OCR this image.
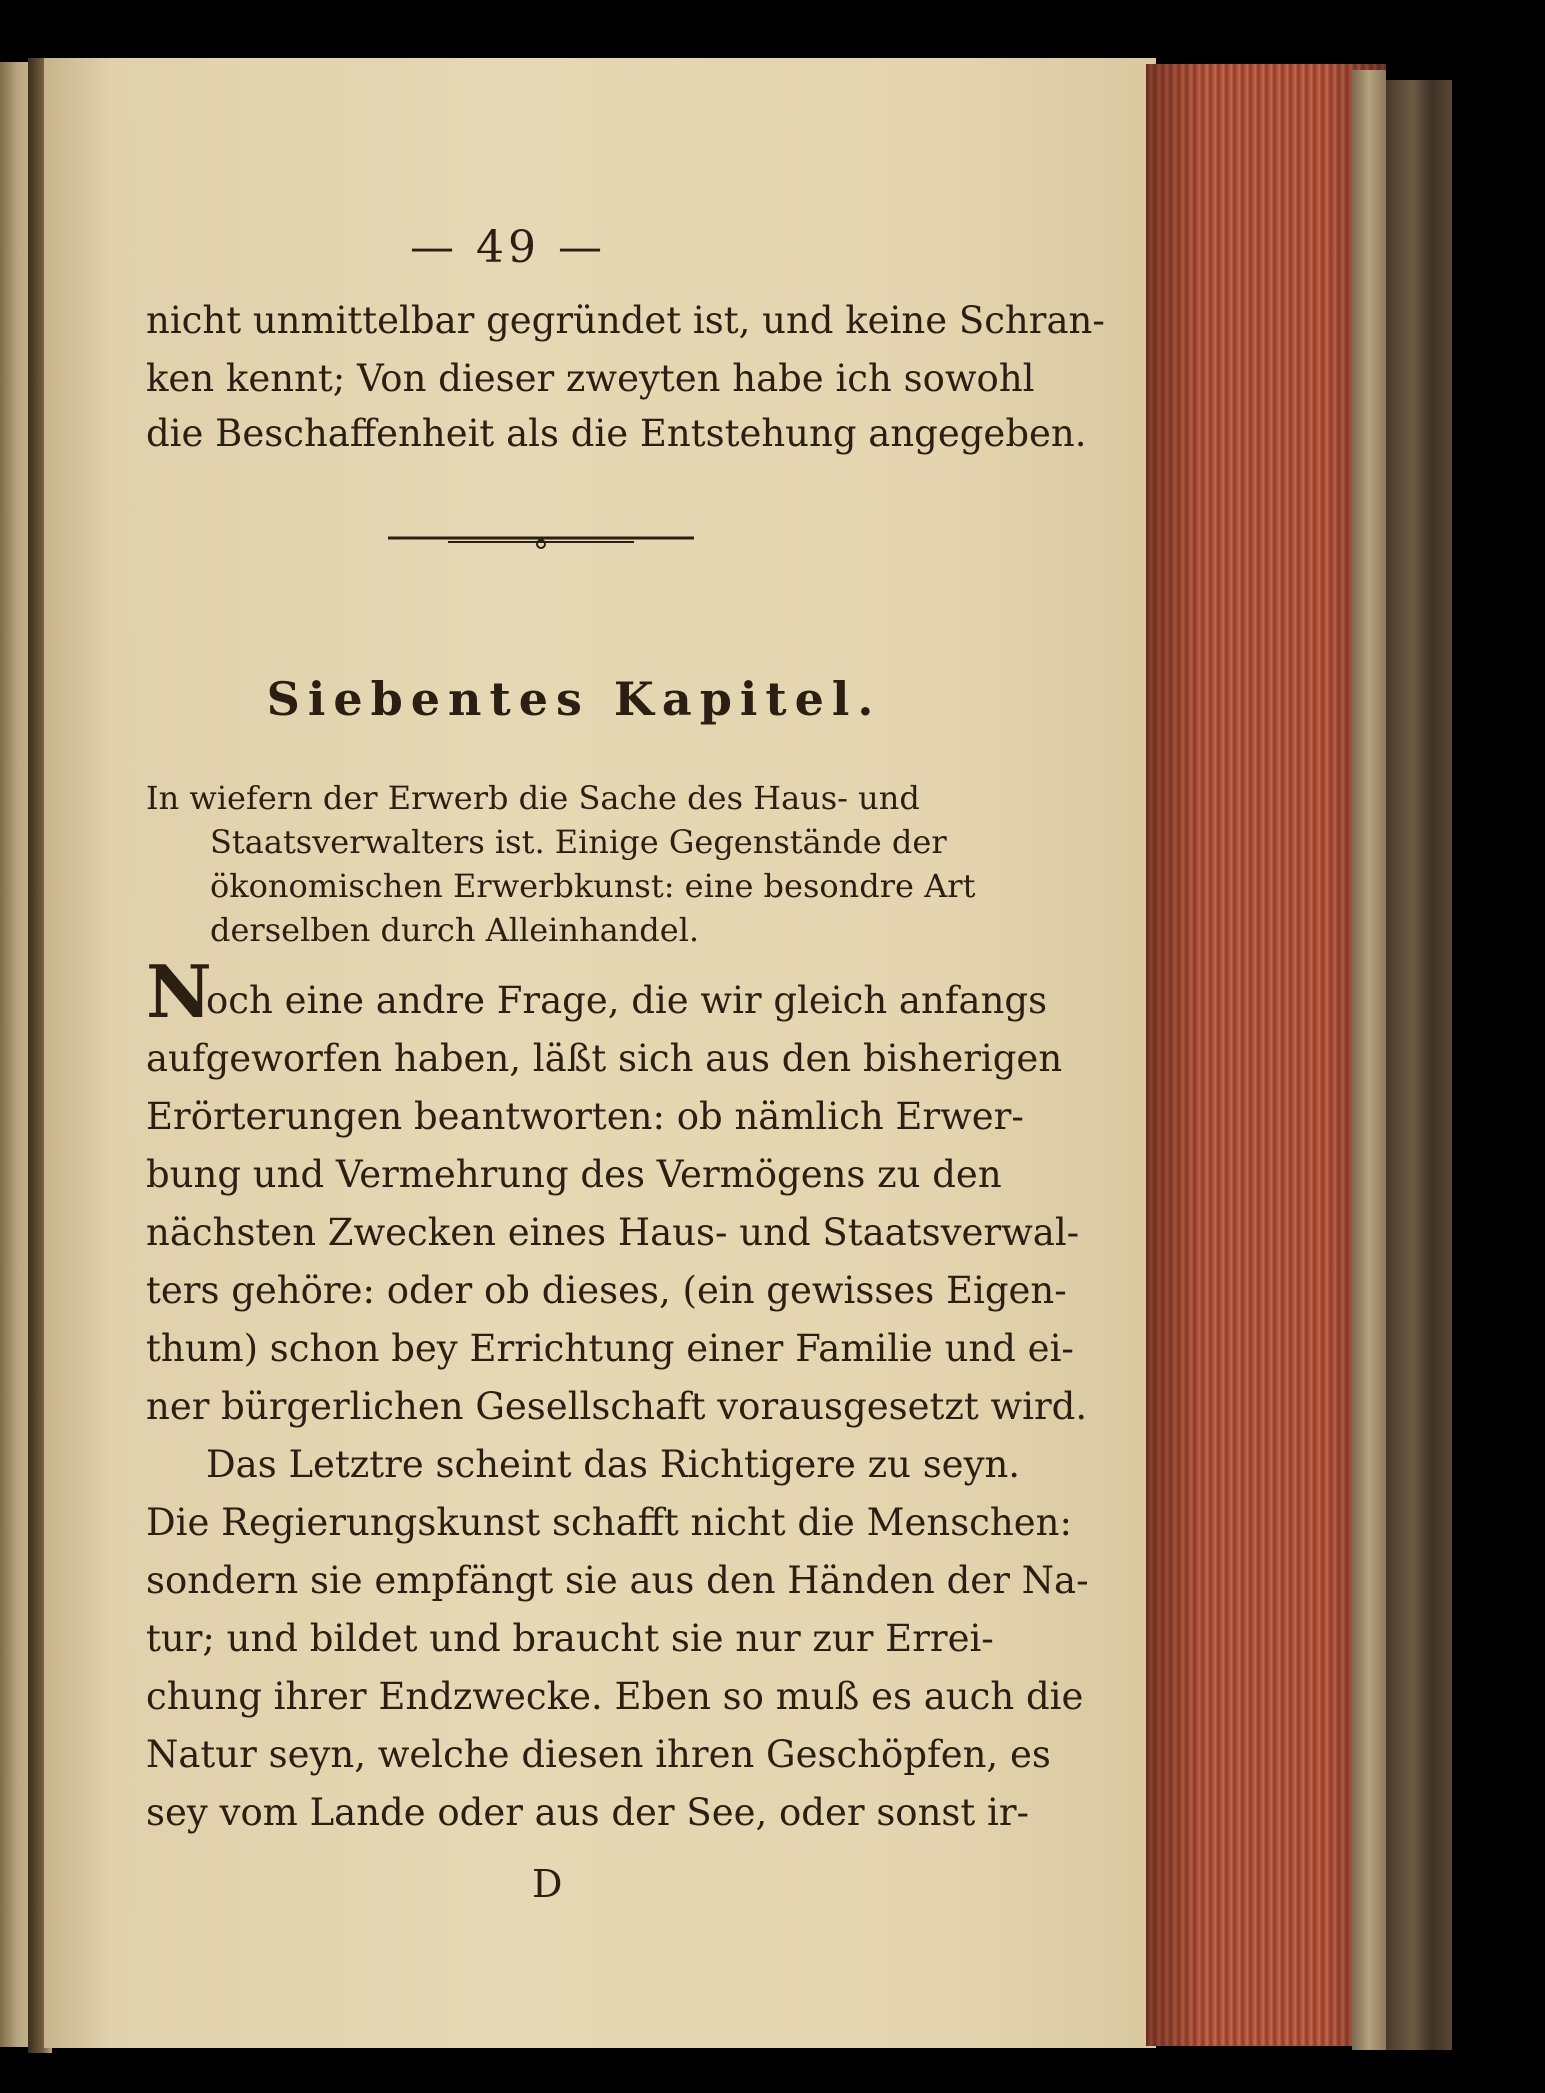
— 49 —
nicht unmittelbar gegründet ist, und keine Schran-
ken kennt; Von dieser zweyten habe ich sowohl
die Beschaffenheit als die Entstehung angegeben.
Siebentes Kapitel.
In wiefern der Erwerb die Sache des Haus- und
Staatsverwalters ist. Einige Gegenstände der
ökonomischen Erwerbkunst: eine besondre Art
derselben durch Alleinhandel.
N
och eine andre Frage, die wir gleich anfangs
aufgeworfen haben, läßt sich aus den bisherigen
Erörterungen beantworten: ob nämlich Erwer-
bung und Vermehrung des Vermögens zu den
nächsten Zwecken eines Haus- und Staatsverwal-
ters gehöre: oder ob dieses, (ein gewisses Eigen-
thum) schon bey Errichtung einer Familie und ei-
ner bürgerlichen Gesellschaft vorausgesetzt wird.
Das Letztre scheint das Richtigere zu seyn.
Die Regierungskunst schafft nicht die Menschen:
sondern sie empfängt sie aus den Händen der Na-
tur; und bildet und braucht sie nur zur Errei-
chung ihrer Endzwecke. Eben so muß es auch die
Natur seyn, welche diesen ihren Geschöpfen, es
sey vom Lande oder aus der See, oder sonst ir-
D
